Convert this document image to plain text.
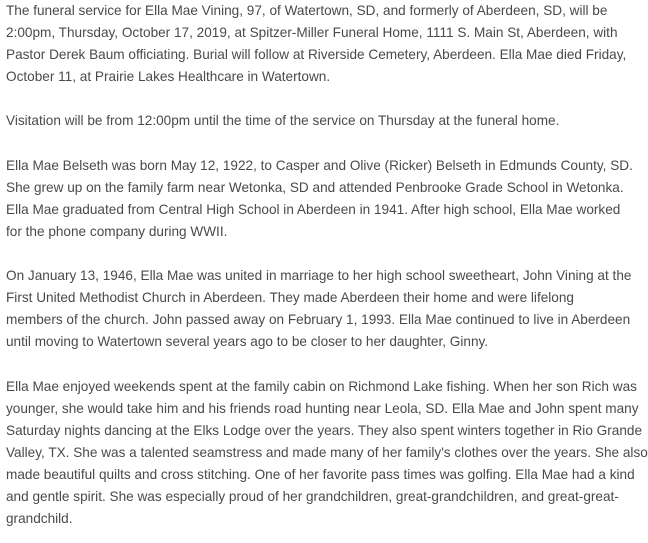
The funeral service for Ella Mae Vining, 97, of Watertown, SD, and formerly of Aberdeen, SD, will be
2:00pm, Thursday, October 17, 2019, at Spitzer-Miller Funeral Home, 1111 S. Main St, Aberdeen, with
Pastor Derek Baum officiating. Burial will follow at Riverside Cemetery, Aberdeen. Ella Mae died Friday,
October 11, at Prairie Lakes Healthcare in Watertown.
Visitation will be from 12:00pm until the time of the service on Thursday at the funeral home.
Ella Mae Belseth was born May 12, 1922, to Casper and Olive (Ricker) Belseth in Edmunds County, SD.
She grew up on the family farm near Wetonka, SD and attended Penbrooke Grade School in Wetonka.
Ella Mae graduated from Central High School in Aberdeen in 1941. After high school, Ella Mae worked
for the phone company during WWII.
On January 13, 1946, Ella Mae was united in marriage to her high school sweetheart, John Vining at the
First United Methodist Church in Aberdeen. They made Aberdeen their home and were lifelong
members of the church. John passed away on February 1, 1993. Ella Mae continued to live in Aberdeen
until moving to Watertown several years ago to be closer to her daughter, Ginny.
Ella Mae enjoyed weekends spent at the family cabin on Richmond Lake fishing. When her son Rich was
younger, she would take him and his friends road hunting near Leola, SD. Ella Mae and John spent many
Saturday nights dancing at the Elks Lodge over the years. They also spent winters together in Rio Grande
Valley, TX. She was a talented seamstress and made many of her family's clothes over the years. She also
made beautiful quilts and cross stitching. One of her favorite pass times was golfing. Ella Mae had a kind
and gentle spirit. She was especially proud of her grandchildren, great-grandchildren, and great-great-
grandchild.
